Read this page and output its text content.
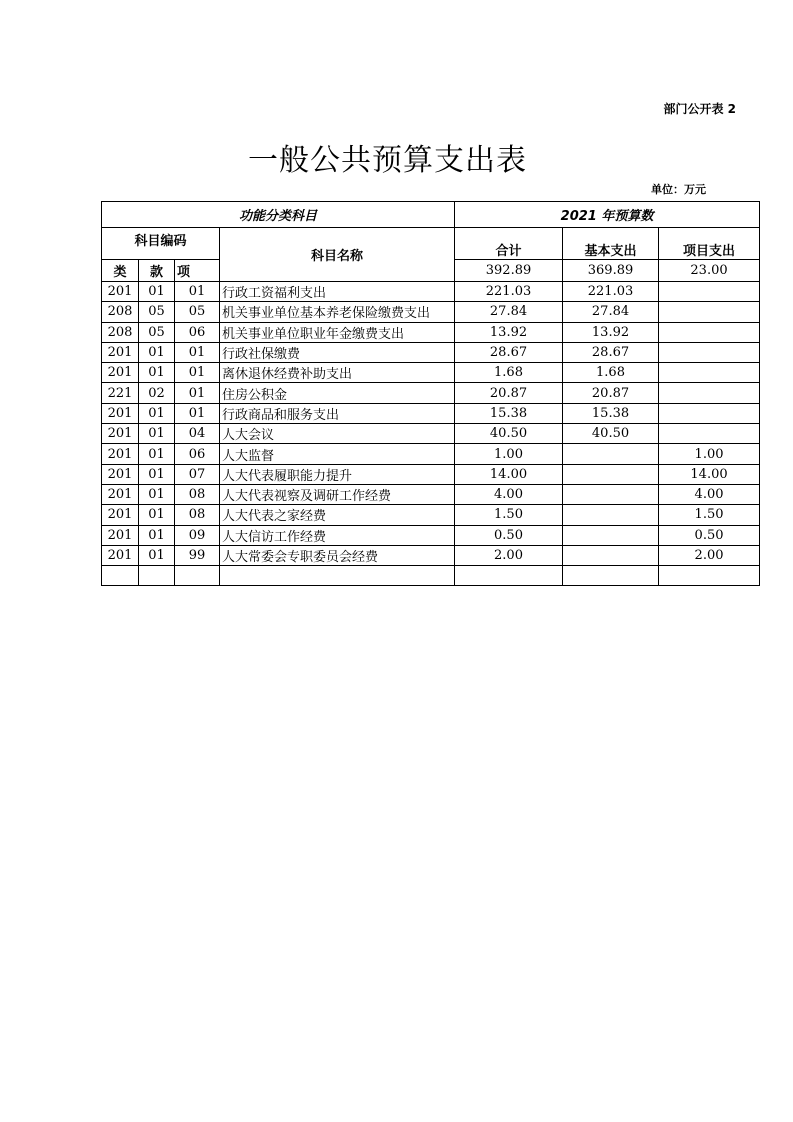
部门公开表 2
一般公共预算支出表
单位：万元
功能分类科目				2021 年预算数		
科目编码			科目名称	合计	基本支出	项目支出
类	款	项		392.89	369.89	23.00
201	01	01	行政工资福利支出	221.03	221.03	
208	05	05	机关事业单位基本养老保险缴费支出	27.84	27.84	
208	05	06	机关事业单位职业年金缴费支出	13.92	13.92	
201	01	01	行政社保缴费	28.67	28.67	
201	01	01	离休退休经费补助支出	1.68	1.68	
221	02	01	住房公积金	20.87	20.87	
201	01	01	行政商品和服务支出	15.38	15.38	
201	01	04	人大会议	40.50	40.50	
201	01	06	人大监督	1.00		1.00
201	01	07	人大代表履职能力提升	14.00		14.00
201	01	08	人大代表视察及调研工作经费	4.00		4.00
201	01	08	人大代表之家经费	1.50		1.50
201	01	09	人大信访工作经费	0.50		0.50
201	01	99	人大常委会专职委员会经费	2.00		2.00
